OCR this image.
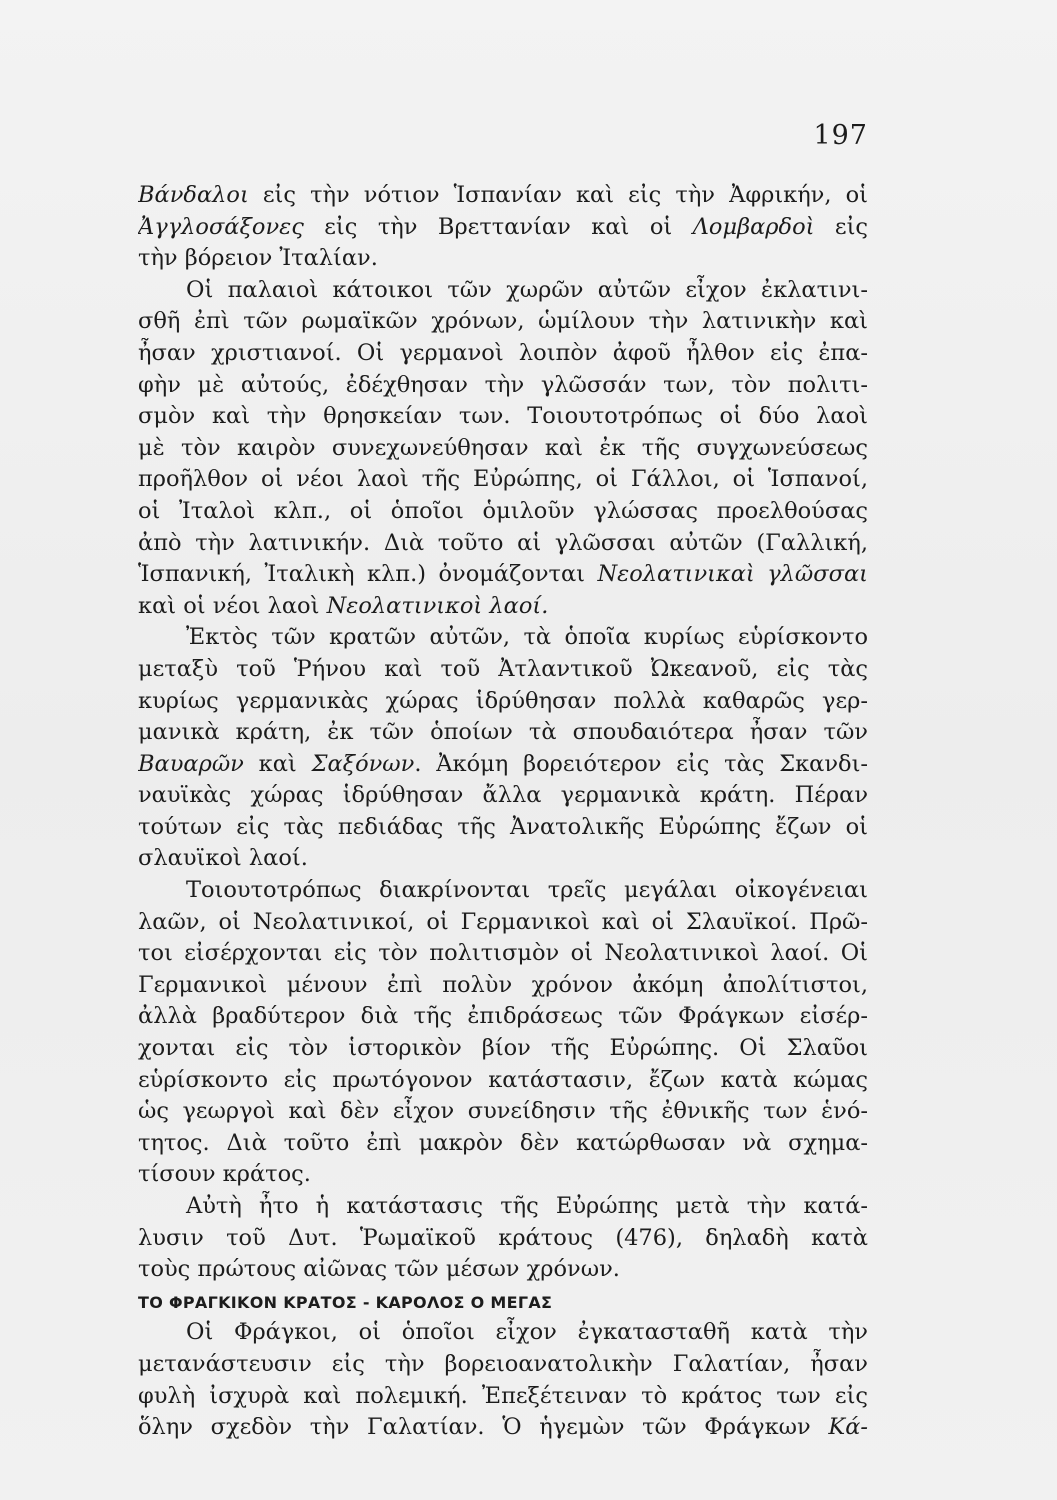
197
Βάνδαλοι εἰς τὴν νότιον Ἱσπανίαν καὶ εἰς τὴν Ἀφρικήν, οἱ
Ἀγγλοσάξονες εἰς τὴν Βρεττανίαν καὶ οἱ Λομβαρδοὶ εἰς
τὴν βόρειον Ἰταλίαν.
Οἱ παλαιοὶ κάτοικοι τῶν χωρῶν αὐτῶν εἶχον ἐκλατινι-
σθῆ ἐπὶ τῶν ρωμαϊκῶν χρόνων, ὡμίλουν τὴν λατινικὴν καὶ
ἦσαν χριστιανοί. Οἱ γερμανοὶ λοιπὸν ἀφοῦ ἦλθον εἰς ἐπα-
φὴν μὲ αὐτούς, ἐδέχθησαν τὴν γλῶσσάν των, τὸν πολιτι-
σμὸν καὶ τὴν θρησκείαν των. Τοιουτοτρόπως οἱ δύο λαοὶ
μὲ τὸν καιρὸν συνεχωνεύθησαν καὶ ἐκ τῆς συγχωνεύσεως
προῆλθον οἱ νέοι λαοὶ τῆς Εὐρώπης, οἱ Γάλλοι, οἱ Ἱσπανοί,
οἱ Ἰταλοὶ κλπ., οἱ ὁποῖοι ὁμιλοῦν γλώσσας προελθούσας
ἀπὸ τὴν λατινικήν. Διὰ τοῦτο αἱ γλῶσσαι αὐτῶν (Γαλλική,
Ἱσπανική, Ἰταλικὴ κλπ.) ὀνομάζονται Νεολατινικαὶ γλῶσσαι
καὶ οἱ νέοι λαοὶ Νεολατινικοὶ λαοί.
Ἐκτὸς τῶν κρατῶν αὐτῶν, τὰ ὁποῖα κυρίως εὑρίσκοντο
μεταξὺ τοῦ Ῥήνου καὶ τοῦ Ἀτλαντικοῦ Ὠκεανοῦ, εἰς τὰς
κυρίως γερμανικὰς χώρας ἱδρύθησαν πολλὰ καθαρῶς γερ-
μανικὰ κράτη, ἐκ τῶν ὁποίων τὰ σπουδαιότερα ἦσαν τῶν
Βαυαρῶν καὶ Σαξόνων. Ἀκόμη βορειότερον εἰς τὰς Σκανδι-
ναυϊκὰς χώρας ἱδρύθησαν ἄλλα γερμανικὰ κράτη. Πέραν
τούτων εἰς τὰς πεδιάδας τῆς Ἀνατολικῆς Εὐρώπης ἔζων οἱ
σλαυϊκοὶ λαοί.
Τοιουτοτρόπως διακρίνονται τρεῖς μεγάλαι οἰκογένειαι
λαῶν, οἱ Νεολατινικοί, οἱ Γερμανικοὶ καὶ οἱ Σλαυϊκοί. Πρῶ-
τοι εἰσέρχονται εἰς τὸν πολιτισμὸν οἱ Νεολατινικοὶ λαοί. Οἱ
Γερμανικοὶ μένουν ἐπὶ πολὺν χρόνον ἀκόμη ἀπολίτιστοι,
ἀλλὰ βραδύτερον διὰ τῆς ἐπιδράσεως τῶν Φράγκων εἰσέρ-
χονται εἰς τὸν ἱστορικὸν βίον τῆς Εὐρώπης. Οἱ Σλαῦοι
εὑρίσκοντο εἰς πρωτόγονον κατάστασιν, ἔζων κατὰ κώμας
ὡς γεωργοὶ καὶ δὲν εἶχον συνείδησιν τῆς ἐθνικῆς των ἑνό-
τητος. Διὰ τοῦτο ἐπὶ μακρὸν δὲν κατώρθωσαν νὰ σχημα-
τίσουν κράτος.
Αὐτὴ ἦτο ἡ κατάστασις τῆς Εὐρώπης μετὰ τὴν κατά-
λυσιν τοῦ Δυτ. Ῥωμαϊκοῦ κράτους (476), δηλαδὴ κατὰ
τοὺς πρώτους αἰῶνας τῶν μέσων χρόνων.
ΤΟ ΦΡΑΓΚΙΚΟΝ ΚΡΑΤΟΣ - ΚΑΡΟΛΟΣ Ο ΜΕΓΑΣ
Οἱ Φράγκοι, οἱ ὁποῖοι εἶχον ἐγκατασταθῆ κατὰ τὴν
μετανάστευσιν εἰς τὴν βορειοανατολικὴν Γαλατίαν, ἦσαν
φυλὴ ἰσχυρὰ καὶ πολεμική. Ἐπεξέτειναν τὸ κράτος των εἰς
ὅλην σχεδὸν τὴν Γαλατίαν. Ὁ ἡγεμὼν τῶν Φράγκων Κά-
